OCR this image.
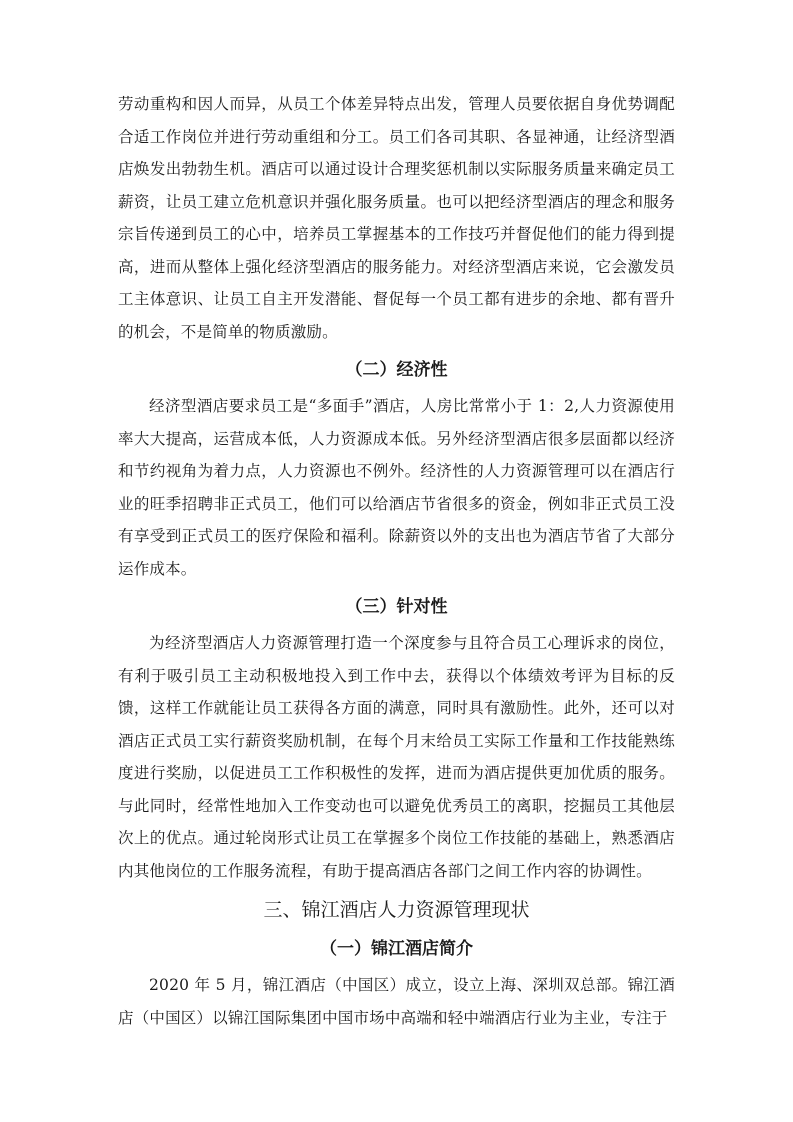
劳动重构和因人而异，从员工个体差异特点出发，管理人员要依据自身优势调配合适工作岗位并进行劳动重组和分工。员工们各司其职、各显神通，让经济型酒店焕发出勃勃生机。酒店可以通过设计合理奖惩机制以实际服务质量来确定员工薪资，让员工建立危机意识并强化服务质量。也可以把经济型酒店的理念和服务宗旨传递到员工的心中，培养员工掌握基本的工作技巧并督促他们的能力得到提高，进而从整体上强化经济型酒店的服务能力。对经济型酒店来说，它会激发员工主体意识、让员工自主开发潜能、督促每一个员工都有进步的余地、都有晋升的机会，不是简单的物质激励。

（二）经济性

经济型酒店要求员工是“多面手”酒店，人房比常常小于 1：2,人力资源使用率大大提高，运营成本低，人力资源成本低。另外经济型酒店很多层面都以经济和节约视角为着力点，人力资源也不例外。经济性的人力资源管理可以在酒店行业的旺季招聘非正式员工，他们可以给酒店节省很多的资金，例如非正式员工没有享受到正式员工的医疗保险和福利。除薪资以外的支出也为酒店节省了大部分运作成本。

（三）针对性

为经济型酒店人力资源管理打造一个深度参与且符合员工心理诉求的岗位，有利于吸引员工主动积极地投入到工作中去，获得以个体绩效考评为目标的反馈，这样工作就能让员工获得各方面的满意，同时具有激励性。此外，还可以对酒店正式员工实行薪资奖励机制，在每个月末给员工实际工作量和工作技能熟练度进行奖励，以促进员工工作积极性的发挥，进而为酒店提供更加优质的服务。与此同时，经常性地加入工作变动也可以避免优秀员工的离职，挖掘员工其他层次上的优点。通过轮岗形式让员工在掌握多个岗位工作技能的基础上，熟悉酒店内其他岗位的工作服务流程，有助于提高酒店各部门之间工作内容的协调性。

三、锦江酒店人力资源管理现状
（一）锦江酒店简介

2020 年 5 月，锦江酒店（中国区）成立，设立上海、深圳双总部。锦江酒店（中国区）以锦江国际集团中国市场中高端和轻中端酒店行业为主业，专注于
